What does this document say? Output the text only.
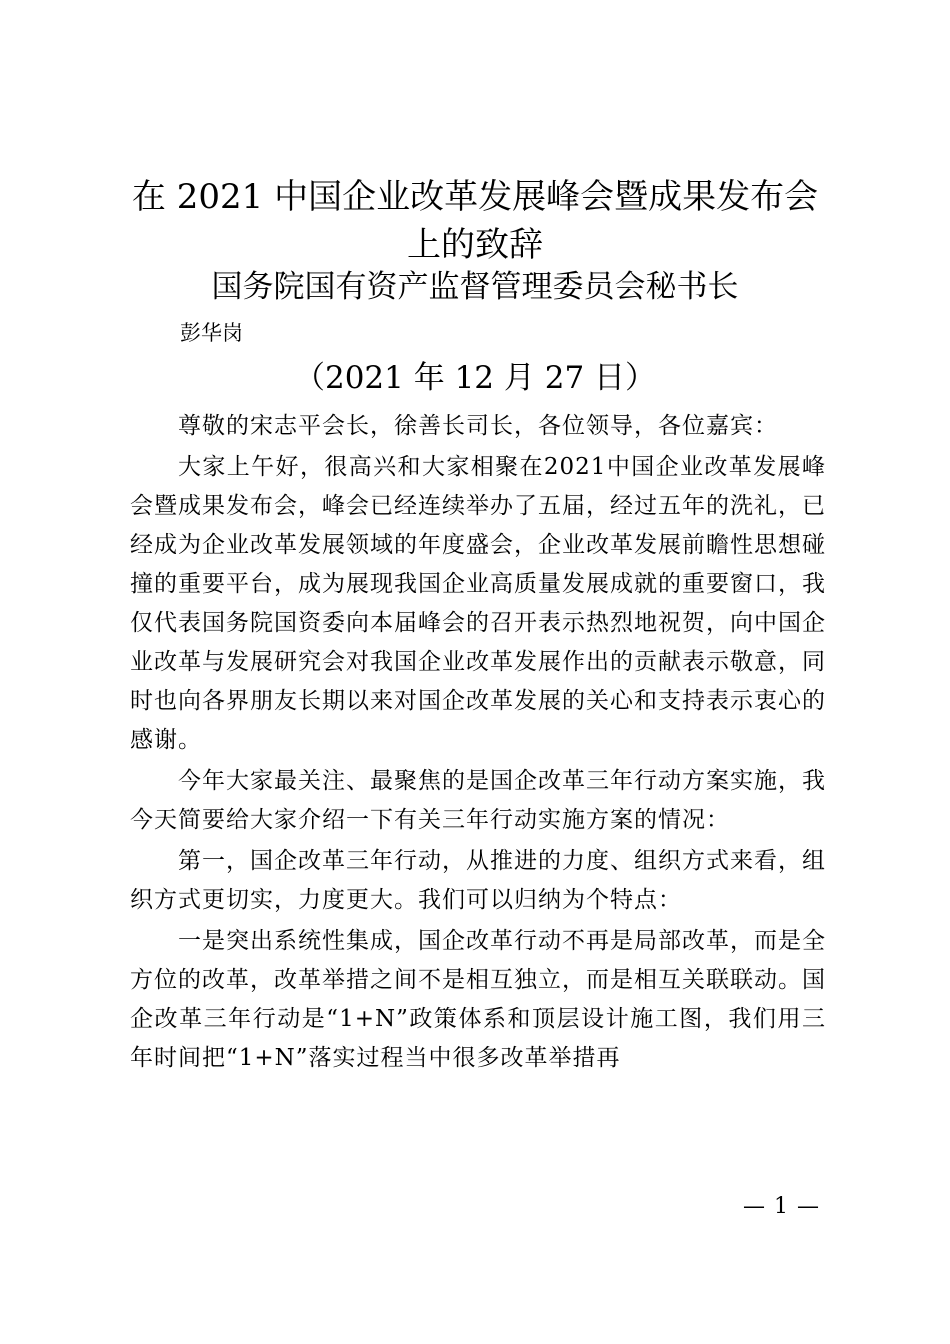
在 2021 中国企业改革发展峰会暨成果发布会
上的致辞
国务院国有资产监督管理委员会秘书长
彭华岗
（2021 年 12 月 27 日）

尊敬的宋志平会长，徐善长司长，各位领导，各位嘉宾：

大家上午好，很高兴和大家相聚在2021中国企业改革发展峰会暨成果发布会，峰会已经连续举办了五届，经过五年的洗礼，已经成为企业改革发展领域的年度盛会，企业改革发展前瞻性思想碰撞的重要平台，成为展现我国企业高质量发展成就的重要窗口，我仅代表国务院国资委向本届峰会的召开表示热烈地祝贺，向中国企业改革与发展研究会对我国企业改革发展作出的贡献表示敬意，同时也向各界朋友长期以来对国企改革发展的关心和支持表示衷心的感谢。

今年大家最关注、最聚焦的是国企改革三年行动方案实施，我今天简要给大家介绍一下有关三年行动实施方案的情况：

第一，国企改革三年行动，从推进的力度、组织方式来看，组织方式更切实，力度更大。我们可以归纳为个特点：

一是突出系统性集成，国企改革行动不再是局部改革，而是全方位的改革，改革举措之间不是相互独立，而是相互关联联动。国企改革三年行动是“1+N”政策体系和顶层设计施工图，我们用三年时间把“1+N”落实过程当中很多改革举措再

— 1 —
